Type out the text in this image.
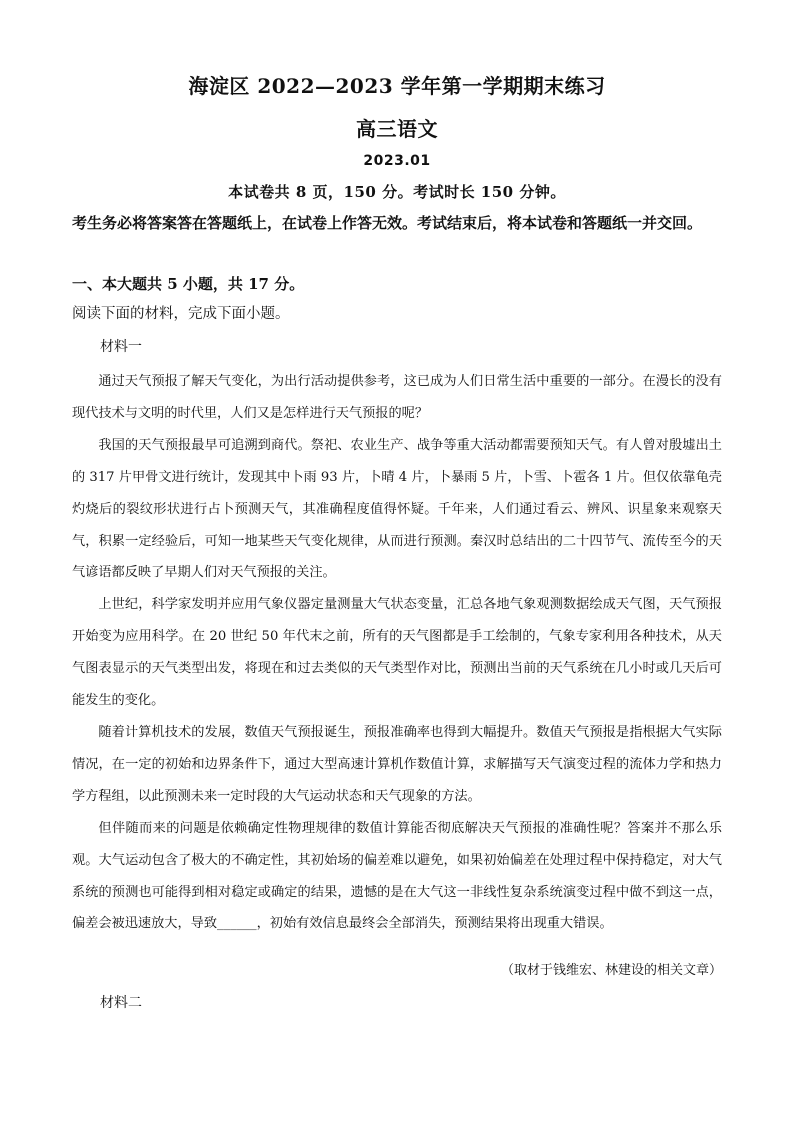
海淀区 2022—2023 学年第一学期期末练习
高三语文
2023.01
本试卷共 8 页，150 分。考试时长 150 分钟。
考生务必将答案答在答题纸上，在试卷上作答无效。考试结束后，将本试卷和答题纸一并交回。
一、本大题共 5 小题，共 17 分。
阅读下面的材料，完成下面小题。
材料一

通过天气预报了解天气变化，为出行活动提供参考，这已成为人们日常生活中重要的一部分。在漫长的没有现代技术与文明的时代里，人们又是怎样进行天气预报的呢？

我国的天气预报最早可追溯到商代。祭祀、农业生产、战争等重大活动都需要预知天气。有人曾对殷墟出土的 317 片甲骨文进行统计，发现其中卜雨 93 片，卜晴 4 片，卜暴雨 5 片，卜雪、卜雹各 1 片。但仅依靠龟壳灼烧后的裂纹形状进行占卜预测天气，其准确程度值得怀疑。千年来，人们通过看云、辨风、识星象来观察天气，积累一定经验后，可知一地某些天气变化规律，从而进行预测。秦汉时总结出的二十四节气、流传至今的天气谚语都反映了早期人们对天气预报的关注。

上世纪，科学家发明并应用气象仪器定量测量大气状态变量，汇总各地气象观测数据绘成天气图，天气预报开始变为应用科学。在 20 世纪 50 年代末之前，所有的天气图都是手工绘制的，气象专家利用各种技术，从天气图表显示的天气类型出发，将现在和过去类似的天气类型作对比，预测出当前的天气系统在几小时或几天后可能发生的变化。

随着计算机技术的发展，数值天气预报诞生，预报准确率也得到大幅提升。数值天气预报是指根据大气实际情况，在一定的初始和边界条件下，通过大型高速计算机作数值计算，求解描写天气演变过程的流体力学和热力学方程组，以此预测未来一定时段的大气运动状态和天气现象的方法。

但伴随而来的问题是依赖确定性物理规律的数值计算能否彻底解决天气预报的准确性呢？答案并不那么乐观。大气运动包含了极大的不确定性，其初始场的偏差难以避免，如果初始偏差在处理过程中保持稳定，对大气系统的预测也可能得到相对稳定或确定的结果，遗憾的是在大气这一非线性复杂系统演变过程中做不到这一点，偏差会被迅速放大，导致______，初始有效信息最终会全部消失，预测结果将出现重大错误。

（取材于钱维宏、林建设的相关文章）
材料二
